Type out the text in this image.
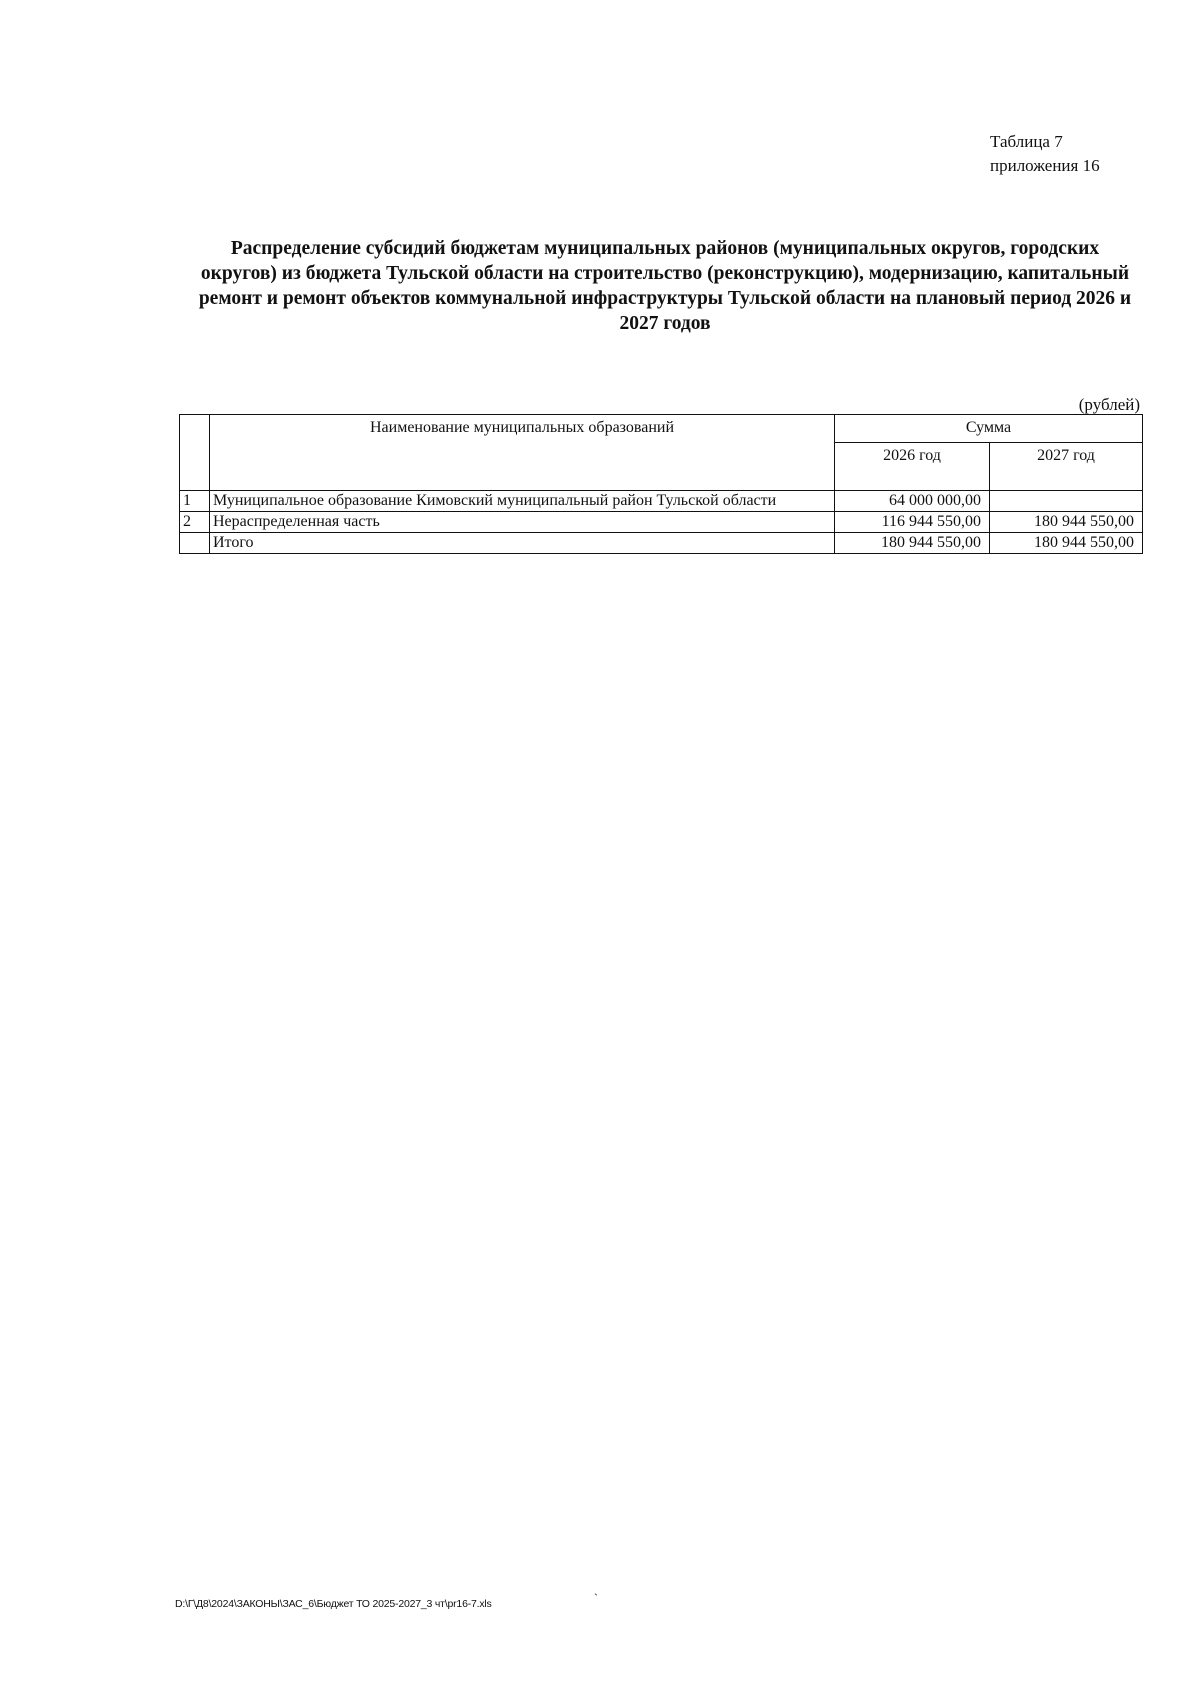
Таблица 7
приложения 16
Распределение субсидий бюджетам муниципальных районов (муниципальных округов, городских
округов) из бюджета Тульской области на строительство (реконструкцию), модернизацию, капитальный
ремонт и ремонт объектов коммунальной инфраструктуры Тульской области на плановый период 2026 и
2027 годов
(рублей)
	Наименование муниципальных образований	Сумма	
		2026 год	2027 год
1	Муниципальное образование Кимовский муниципальный район Тульской области	64 000 000,00	
2	Нераспределенная часть	116 944 550,00	180 944 550,00
	Итого	180 944 550,00	180 944 550,00
D:\Г\Д8\2024\ЗАКОНЫ\ЗАС_6\Бюджет ТО 2025-2027_3 чт\pr16-7.xls	`
